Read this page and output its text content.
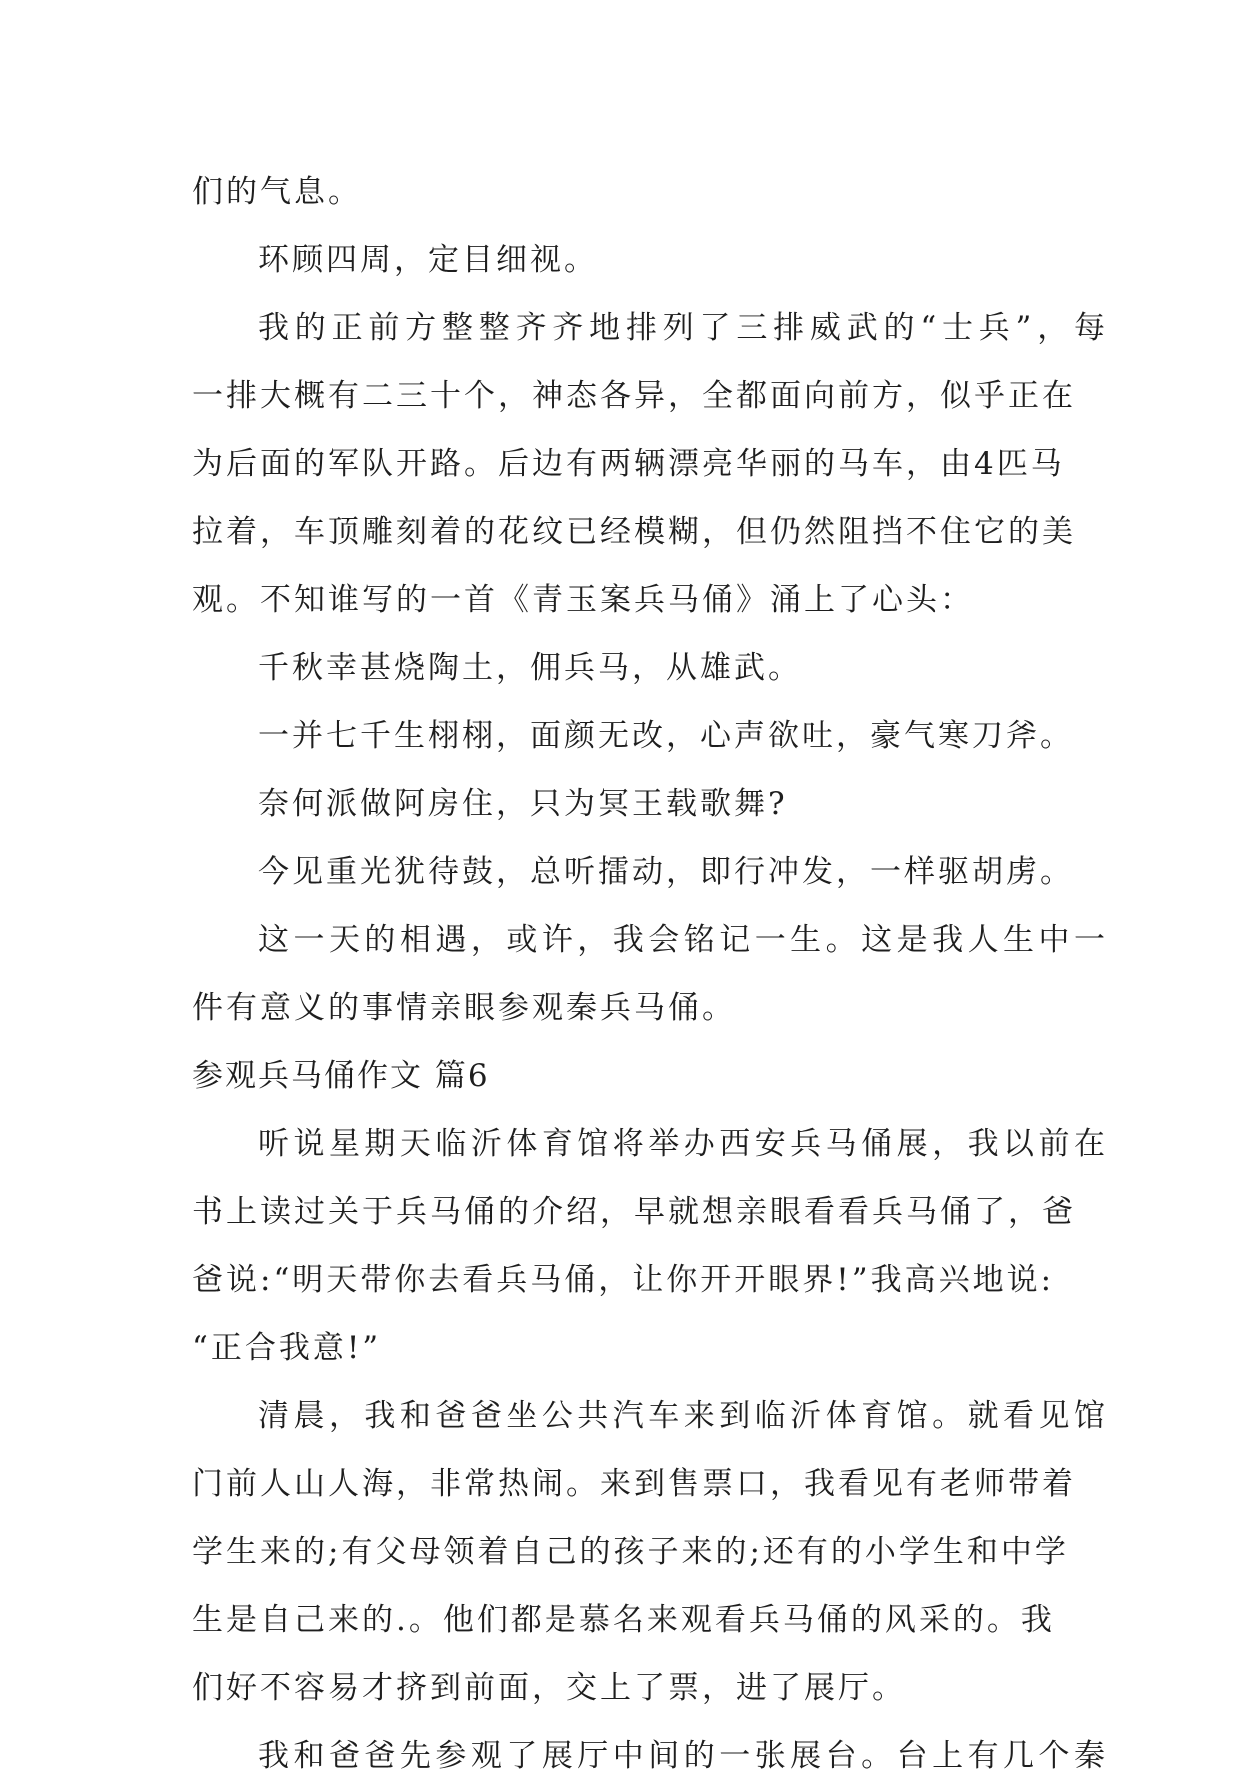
们的气息。
环顾四周，定目细视。
我的正前方整整齐齐地排列了三排威武的“士兵”，每
一排大概有二三十个，神态各异，全都面向前方，似乎正在
为后面的军队开路。后边有两辆漂亮华丽的马车，由4匹马
拉着，车顶雕刻着的花纹已经模糊，但仍然阻挡不住它的美
观。不知谁写的一首《青玉案兵马俑》涌上了心头：
千秋幸甚烧陶土，佣兵马，从雄武。
一并七千生栩栩，面颜无改，心声欲吐，豪气寒刀斧。
奈何派做阿房住，只为冥王载歌舞?
今见重光犹待鼓，总听擂动，即行冲发，一样驱胡虏。
这一天的相遇，或许，我会铭记一生。这是我人生中一
件有意义的事情亲眼参观秦兵马俑。
参观兵马俑作文 篇6
听说星期天临沂体育馆将举办西安兵马俑展，我以前在
书上读过关于兵马俑的介绍，早就想亲眼看看兵马俑了，爸
爸说:“明天带你去看兵马俑，让你开开眼界!”我高兴地说:
“正合我意!”
清晨，我和爸爸坐公共汽车来到临沂体育馆。就看见馆
门前人山人海，非常热闹。来到售票口，我看见有老师带着
学生来的;有父母领着自己的孩子来的;还有的小学生和中学
生是自己来的.。他们都是慕名来观看兵马俑的风采的。我
们好不容易才挤到前面，交上了票，进了展厅。
我和爸爸先参观了展厅中间的一张展台。台上有几个秦
